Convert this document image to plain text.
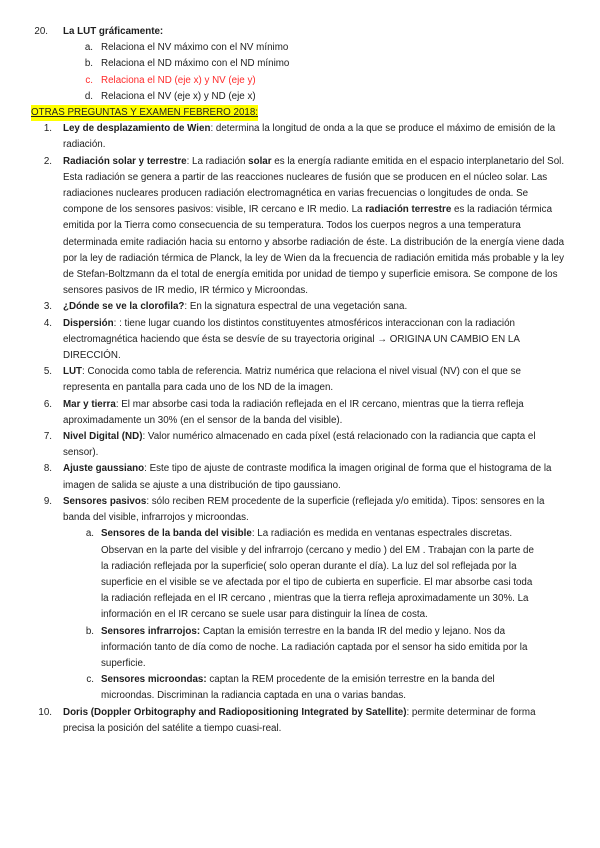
20. La LUT gráficamente:
a. Relaciona el NV máximo con el NV mínimo
b. Relaciona el ND máximo con el ND mínimo
c. Relaciona el ND (eje x) y NV (eje y)
d. Relaciona el NV (eje x) y ND (eje x)
OTRAS PREGUNTAS Y EXAMEN FEBRERO 2018:
1. Ley de desplazamiento de Wien: determina la longitud de onda a la que se produce el máximo de emisión de la radiación.
2. Radiación solar y terrestre: La radiación solar es la energía radiante emitida en el espacio interplanetario del Sol. Esta radiación se genera a partir de las reacciones nucleares de fusión que se producen en el núcleo solar. Las radiaciones nucleares producen radiación electromagnética en varias frecuencias o longitudes de onda. Se compone de los sensores pasivos: visible, IR cercano e IR medio. La radiación terrestre es la radiación térmica emitida por la Tierra como consecuencia de su temperatura. Todos los cuerpos negros a una temperatura determinada emite radiación hacia su entorno y absorbe radiación de éste. La distribución de la energía viene dada por la ley de radiación térmica de Planck, la ley de Wien da la frecuencia de radiación emitida más probable y la ley de Stefan-Boltzmann da el total de energía emitida por unidad de tiempo y superficie emisora. Se compone de los sensores pasivos de IR medio, IR térmico y Microondas.
3. ¿Dónde se ve la clorofila?: En la signatura espectral de una vegetación sana.
4. Dispersión: : tiene lugar cuando los distintos constituyentes atmosféricos interaccionan con la radiación electromagnética haciendo que ésta se desvíe de su trayectoria original → ORIGINA UN CAMBIO EN LA DIRECCIÓN.
5. LUT: Conocida como tabla de referencia. Matriz numérica que relaciona el nivel visual (NV) con el que se representa en pantalla para cada uno de los ND de la imagen.
6. Mar y tierra: El mar absorbe casi toda la radiación reflejada en el IR cercano, mientras que la tierra refleja aproximadamente un 30% (en el sensor de la banda del visible).
7. Nivel Digital (ND): Valor numérico almacenado en cada píxel (está relacionado con la radiancia que capta el sensor).
8. Ajuste gaussiano: Este tipo de ajuste de contraste modifica la imagen original de forma que el histograma de la imagen de salida se ajuste a una distribución de tipo gaussiano.
9. Sensores pasivos: sólo reciben REM procedente de la superficie (reflejada y/o emitida). Tipos: sensores en la banda del visible, infrarrojos y microondas.
a. Sensores de la banda del visible: La radiación es medida en ventanas espectrales discretas. Observan en la parte del visible y del infrarrojo (cercano y medio ) del EM . Trabajan con la parte de la radiación reflejada por la superficie( solo operan durante el día). La luz del sol reflejada por la superficie en el visible se ve afectada por el tipo de cubierta en superficie. El mar absorbe casi toda la radiación reflejada en el IR cercano , mientras que la tierra refleja aproximadamente un 30%. La información en el IR cercano se suele usar para distinguir la línea de costa.
b. Sensores infrarrojos: Captan la emisión terrestre en la banda IR del medio y lejano. Nos da información tanto de día como de noche. La radiación captada por el sensor ha sido emitida por la superficie.
c. Sensores microondas: captan la REM procedente de la emisión terrestre en la banda del microondas. Discriminan la radiancia captada en una o varias bandas.
10. Doris (Doppler Orbitography and Radiopositioning Integrated by Satellite): permite determinar de forma precisa la posición del satélite a tiempo cuasi-real.
